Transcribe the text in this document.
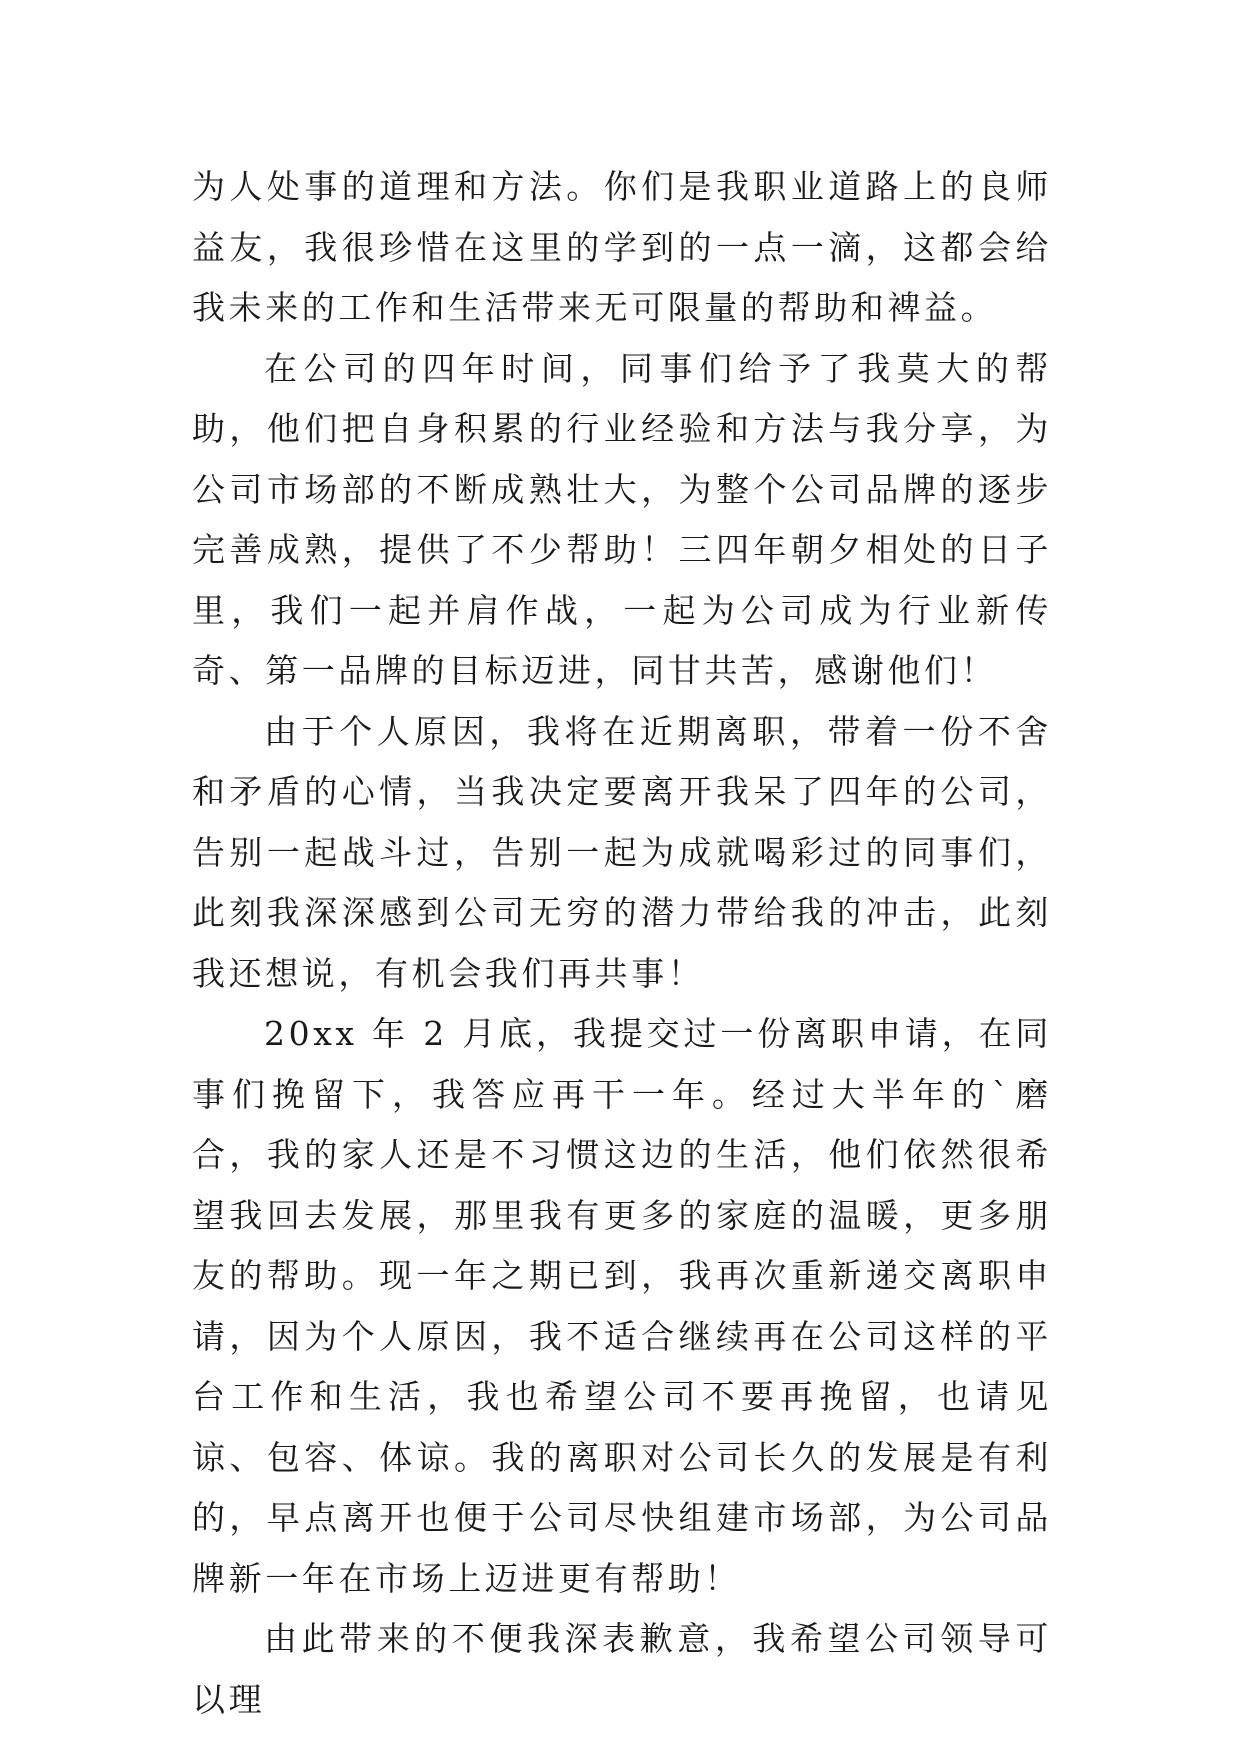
为人处事的道理和方法。你们是我职业道路上的良师益友，我很珍惜在这里的学到的一点一滴，这都会给我未来的工作和生活带来无可限量的帮助和裨益。

在公司的四年时间，同事们给予了我莫大的帮助，他们把自身积累的行业经验和方法与我分享，为公司市场部的不断成熟壮大，为整个公司品牌的逐步完善成熟，提供了不少帮助！三四年朝夕相处的日子里，我们一起并肩作战，一起为公司成为行业新传奇、第一品牌的目标迈进，同甘共苦，感谢他们！

由于个人原因，我将在近期离职，带着一份不舍和矛盾的心情，当我决定要离开我呆了四年的公司，告别一起战斗过，告别一起为成就喝彩过的同事们，此刻我深深感到公司无穷的潜力带给我的冲击，此刻我还想说，有机会我们再共事！

20xx 年 2 月底，我提交过一份离职申请，在同事们挽留下，我答应再干一年。经过大半年的`磨合，我的家人还是不习惯这边的生活，他们依然很希望我回去发展，那里我有更多的家庭的温暖，更多朋友的帮助。现一年之期已到，我再次重新递交离职申请，因为个人原因，我不适合继续再在公司这样的平台工作和生活，我也希望公司不要再挽留，也请见谅、包容、体谅。我的离职对公司长久的发展是有利的，早点离开也便于公司尽快组建市场部，为公司品牌新一年在市场上迈进更有帮助！

由此带来的不便我深表歉意，我希望公司领导可以理
